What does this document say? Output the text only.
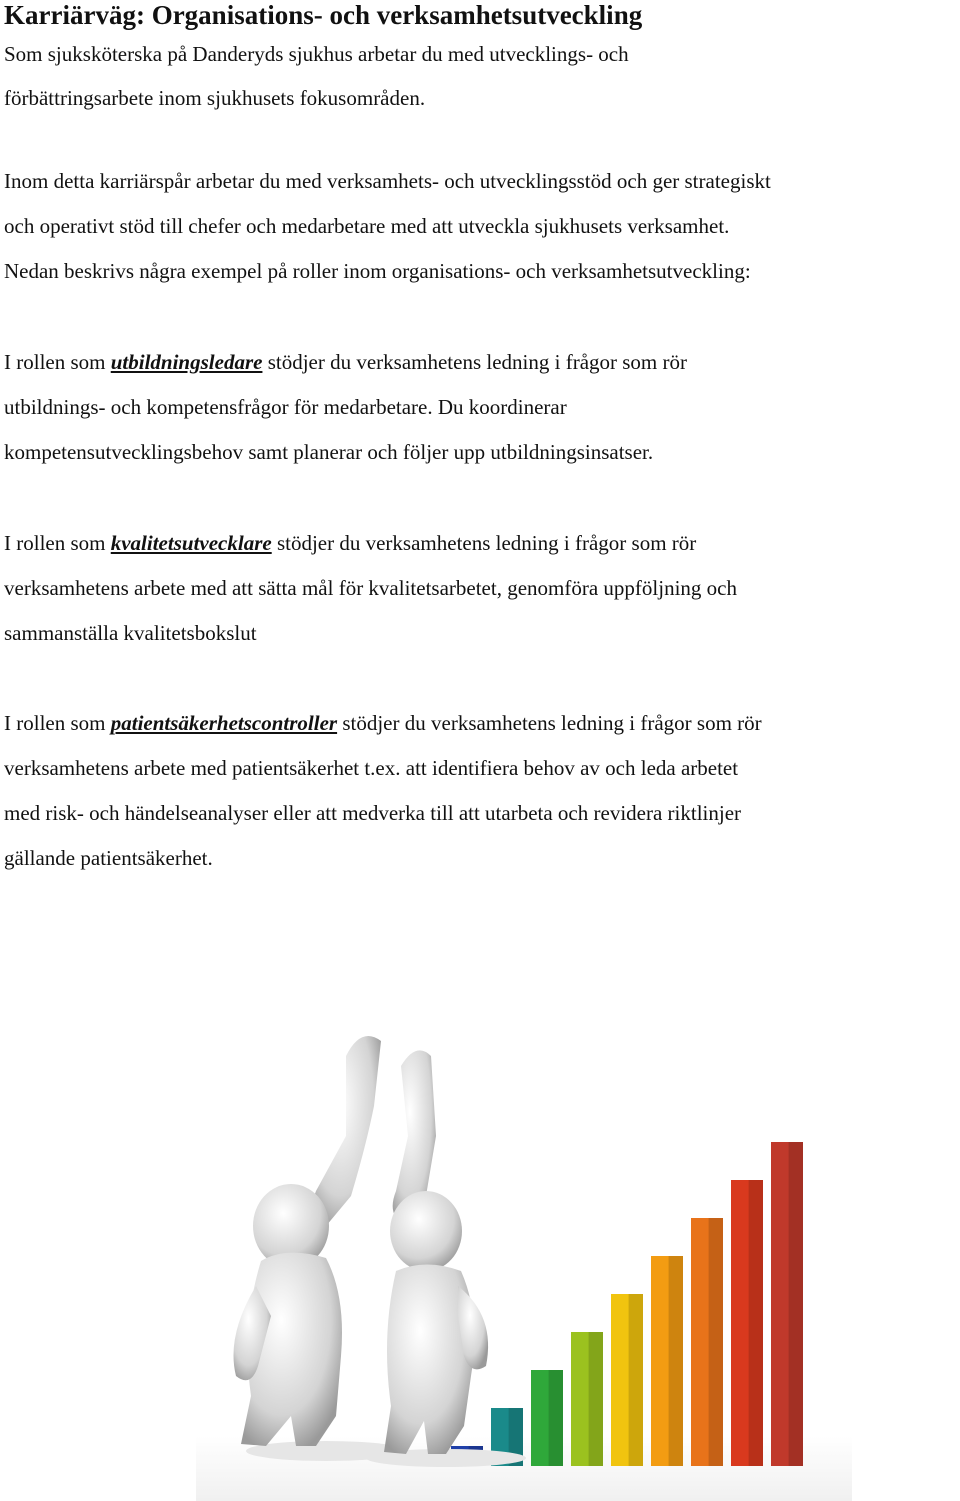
Karriärväg: Organisations- och verksamhetsutveckling

Som sjuksköterska på Danderyds sjukhus arbetar du med utvecklings- och
förbättringsarbete inom sjukhusets fokusområden.

Inom detta karriärspår arbetar du med verksamhets- och utvecklingsstöd och ger strategiskt
och operativt stöd till chefer och medarbetare med att utveckla sjukhusets verksamhet.
Nedan beskrivs några exempel på roller inom organisations- och verksamhetsutveckling:

I rollen som utbildningsledare stödjer du verksamhetens ledning i frågor som rör
utbildnings- och kompetensfrågor för medarbetare. Du koordinerar
kompetensutvecklingsbehov samt planerar och följer upp utbildningsinsatser.

I rollen som kvalitetsutvecklare stödjer du verksamhetens ledning i frågor som rör
verksamhetens arbete med att sätta mål för kvalitetsarbetet, genomföra uppföljning och
sammanställa kvalitetsbokslut

I rollen som patientsäkerhetscontroller stödjer du verksamhetens ledning i frågor som rör
verksamhetens arbete med patientsäkerhet t.ex. att identifiera behov av och leda arbetet
med risk- och händelseanalyser eller att medverka till att utarbeta och revidera riktlinjer
gällande patientsäkerhet.
